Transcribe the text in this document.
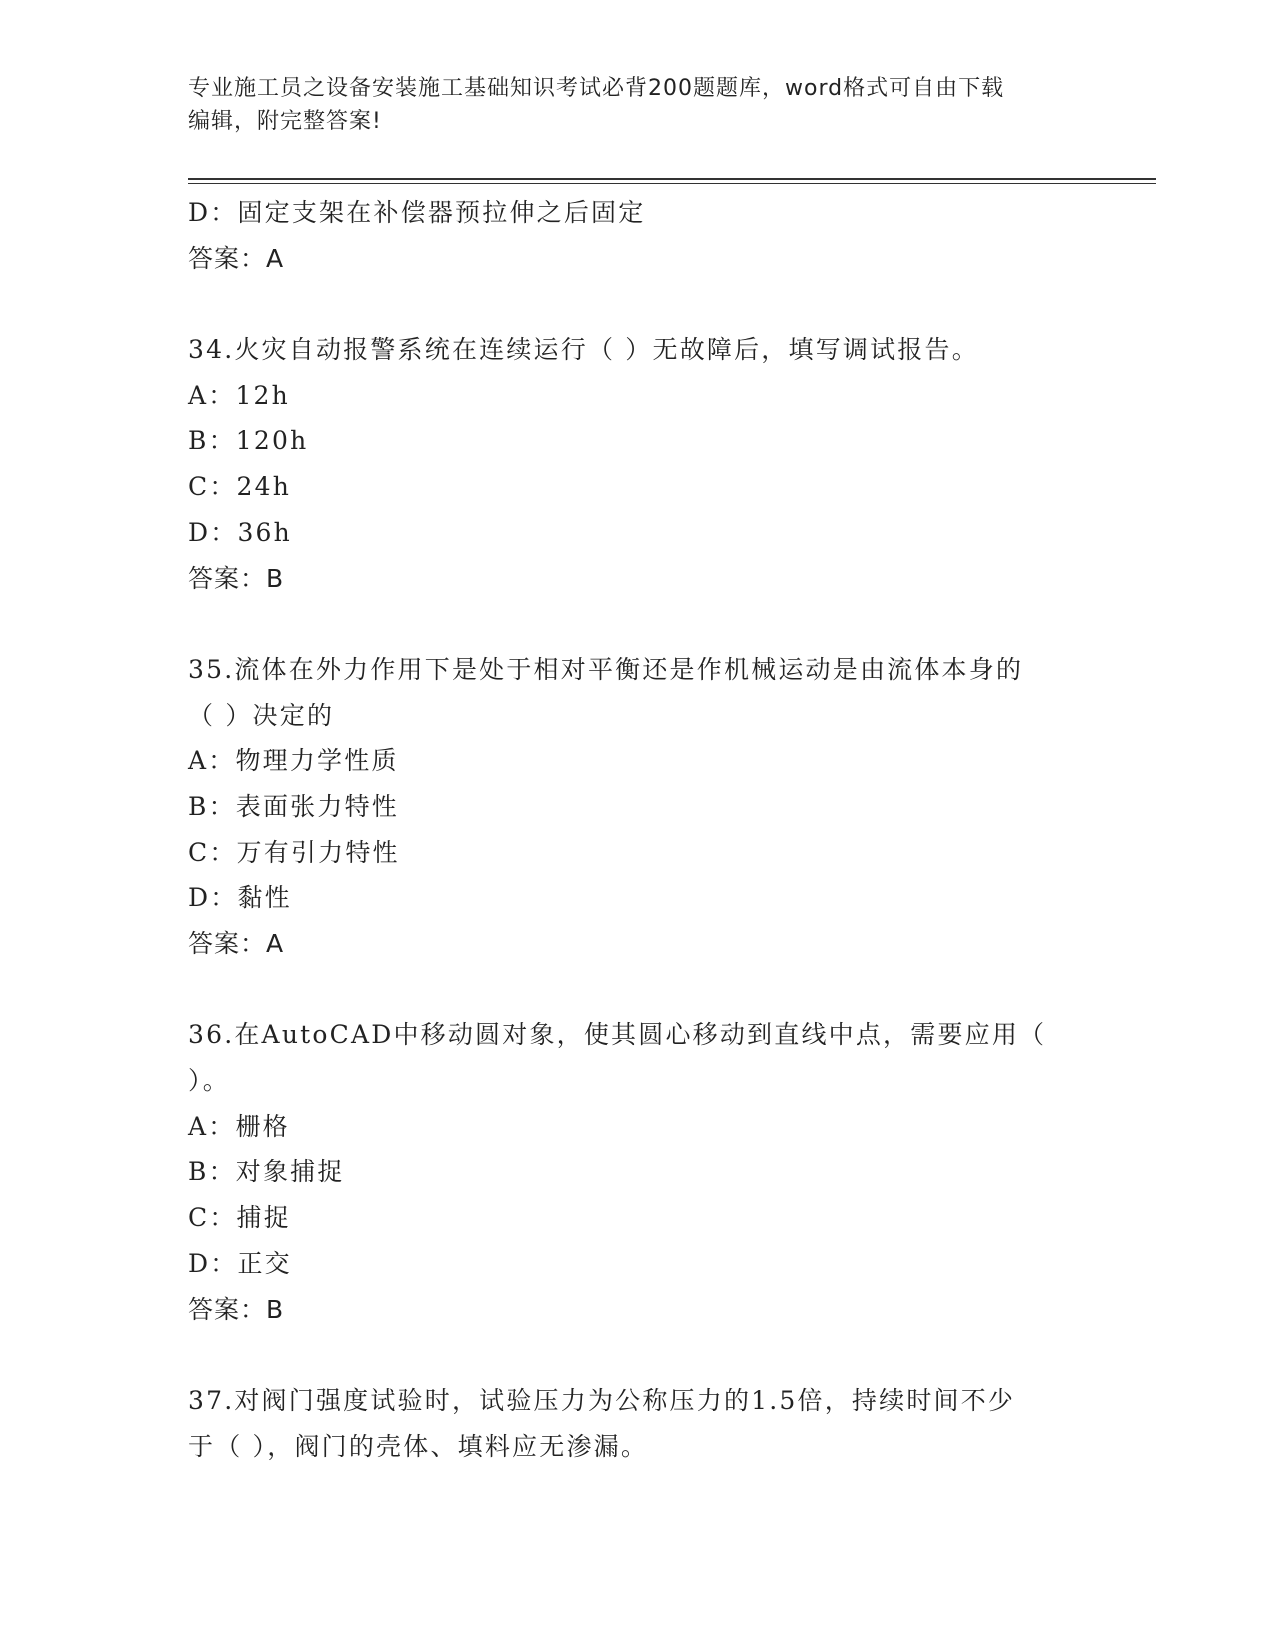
专业施工员之设备安装施工基础知识考试必背200题题库，word格式可自由下载
编辑，附完整答案!
D：固定支架在补偿器预拉伸之后固定
答案：A
34.火灾自动报警系统在连续运行（ ）无故障后，填写调试报告。
A：12h
B：120h
C：24h
D：36h
答案：B
35.流体在外力作用下是处于相对平衡还是作机械运动是由流体本身的
（ ）决定的
A：物理力学性质
B：表面张力特性
C：万有引力特性
D：黏性
答案：A
36.在AutoCAD中移动圆对象，使其圆心移动到直线中点，需要应用（
）。
A：栅格
B：对象捕捉
C：捕捉
D：正交
答案：B
37.对阀门强度试验时，试验压力为公称压力的1.5倍，持续时间不少
于（ ），阀门的壳体、填料应无渗漏。
